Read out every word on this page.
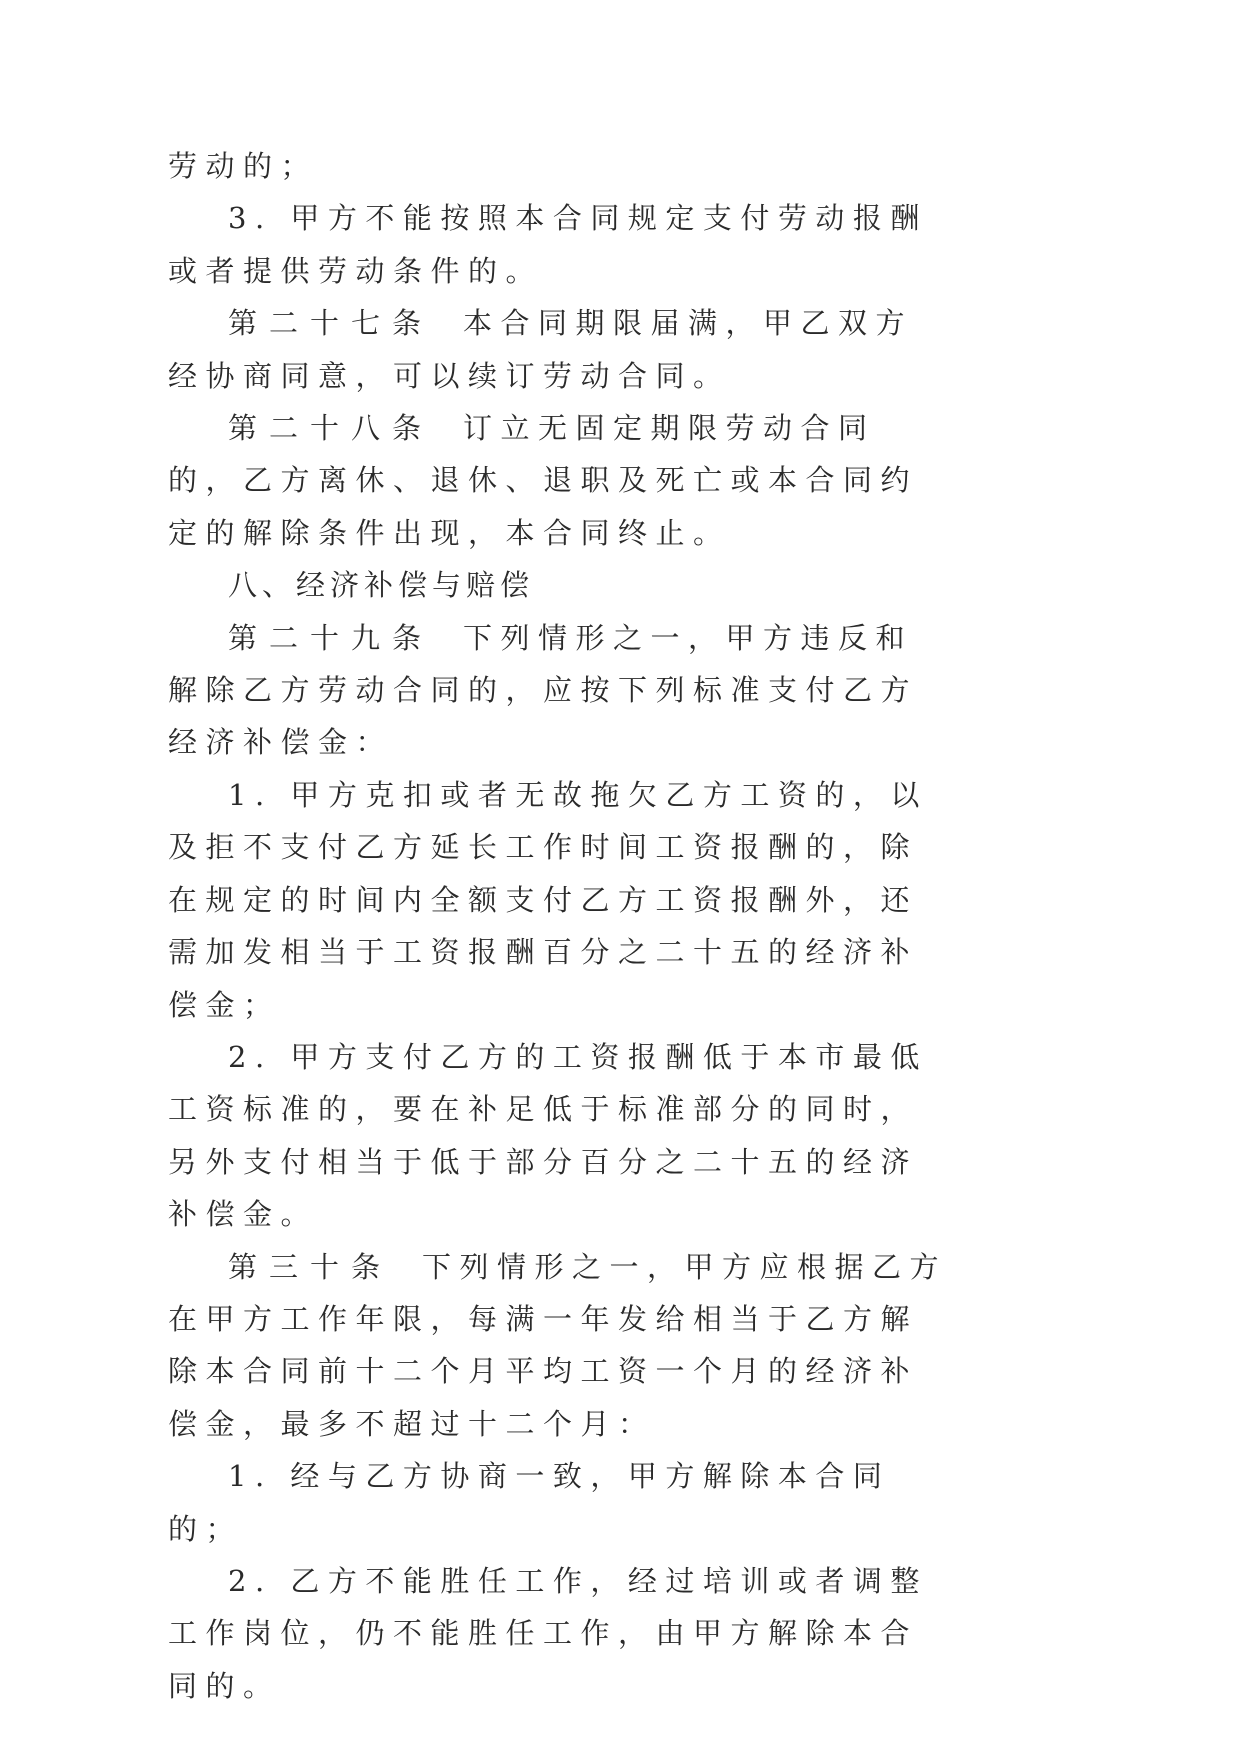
劳动的；

3. 甲方不能按照本合同规定支付劳动报酬或者提供劳动条件的。

第二十七条 本合同期限届满，甲乙双方经协商同意，可以续订劳动合同。

第二十八条 订立无固定期限劳动合同的，乙方离休、退休、退职及死亡或本合同约定的解除条件出现，本合同终止。

八、经济补偿与赔偿

第二十九条 下列情形之一，甲方违反和解除乙方劳动合同的，应按下列标准支付乙方经济补偿金：

1. 甲方克扣或者无故拖欠乙方工资的，以及拒不支付乙方延长工作时间工资报酬的，除在规定的时间内全额支付乙方工资报酬外，还需加发相当于工资报酬百分之二十五的经济补偿金；

2. 甲方支付乙方的工资报酬低于本市最低工资标准的，要在补足低于标准部分的同时，另外支付相当于低于部分百分之二十五的经济补偿金。

第三十条 下列情形之一，甲方应根据乙方在甲方工作年限，每满一年发给相当于乙方解除本合同前十二个月平均工资一个月的经济补偿金，最多不超过十二个月：

1. 经与乙方协商一致，甲方解除本合同的；

2. 乙方不能胜任工作，经过培训或者调整工作岗位，仍不能胜任工作，由甲方解除本合同的。
